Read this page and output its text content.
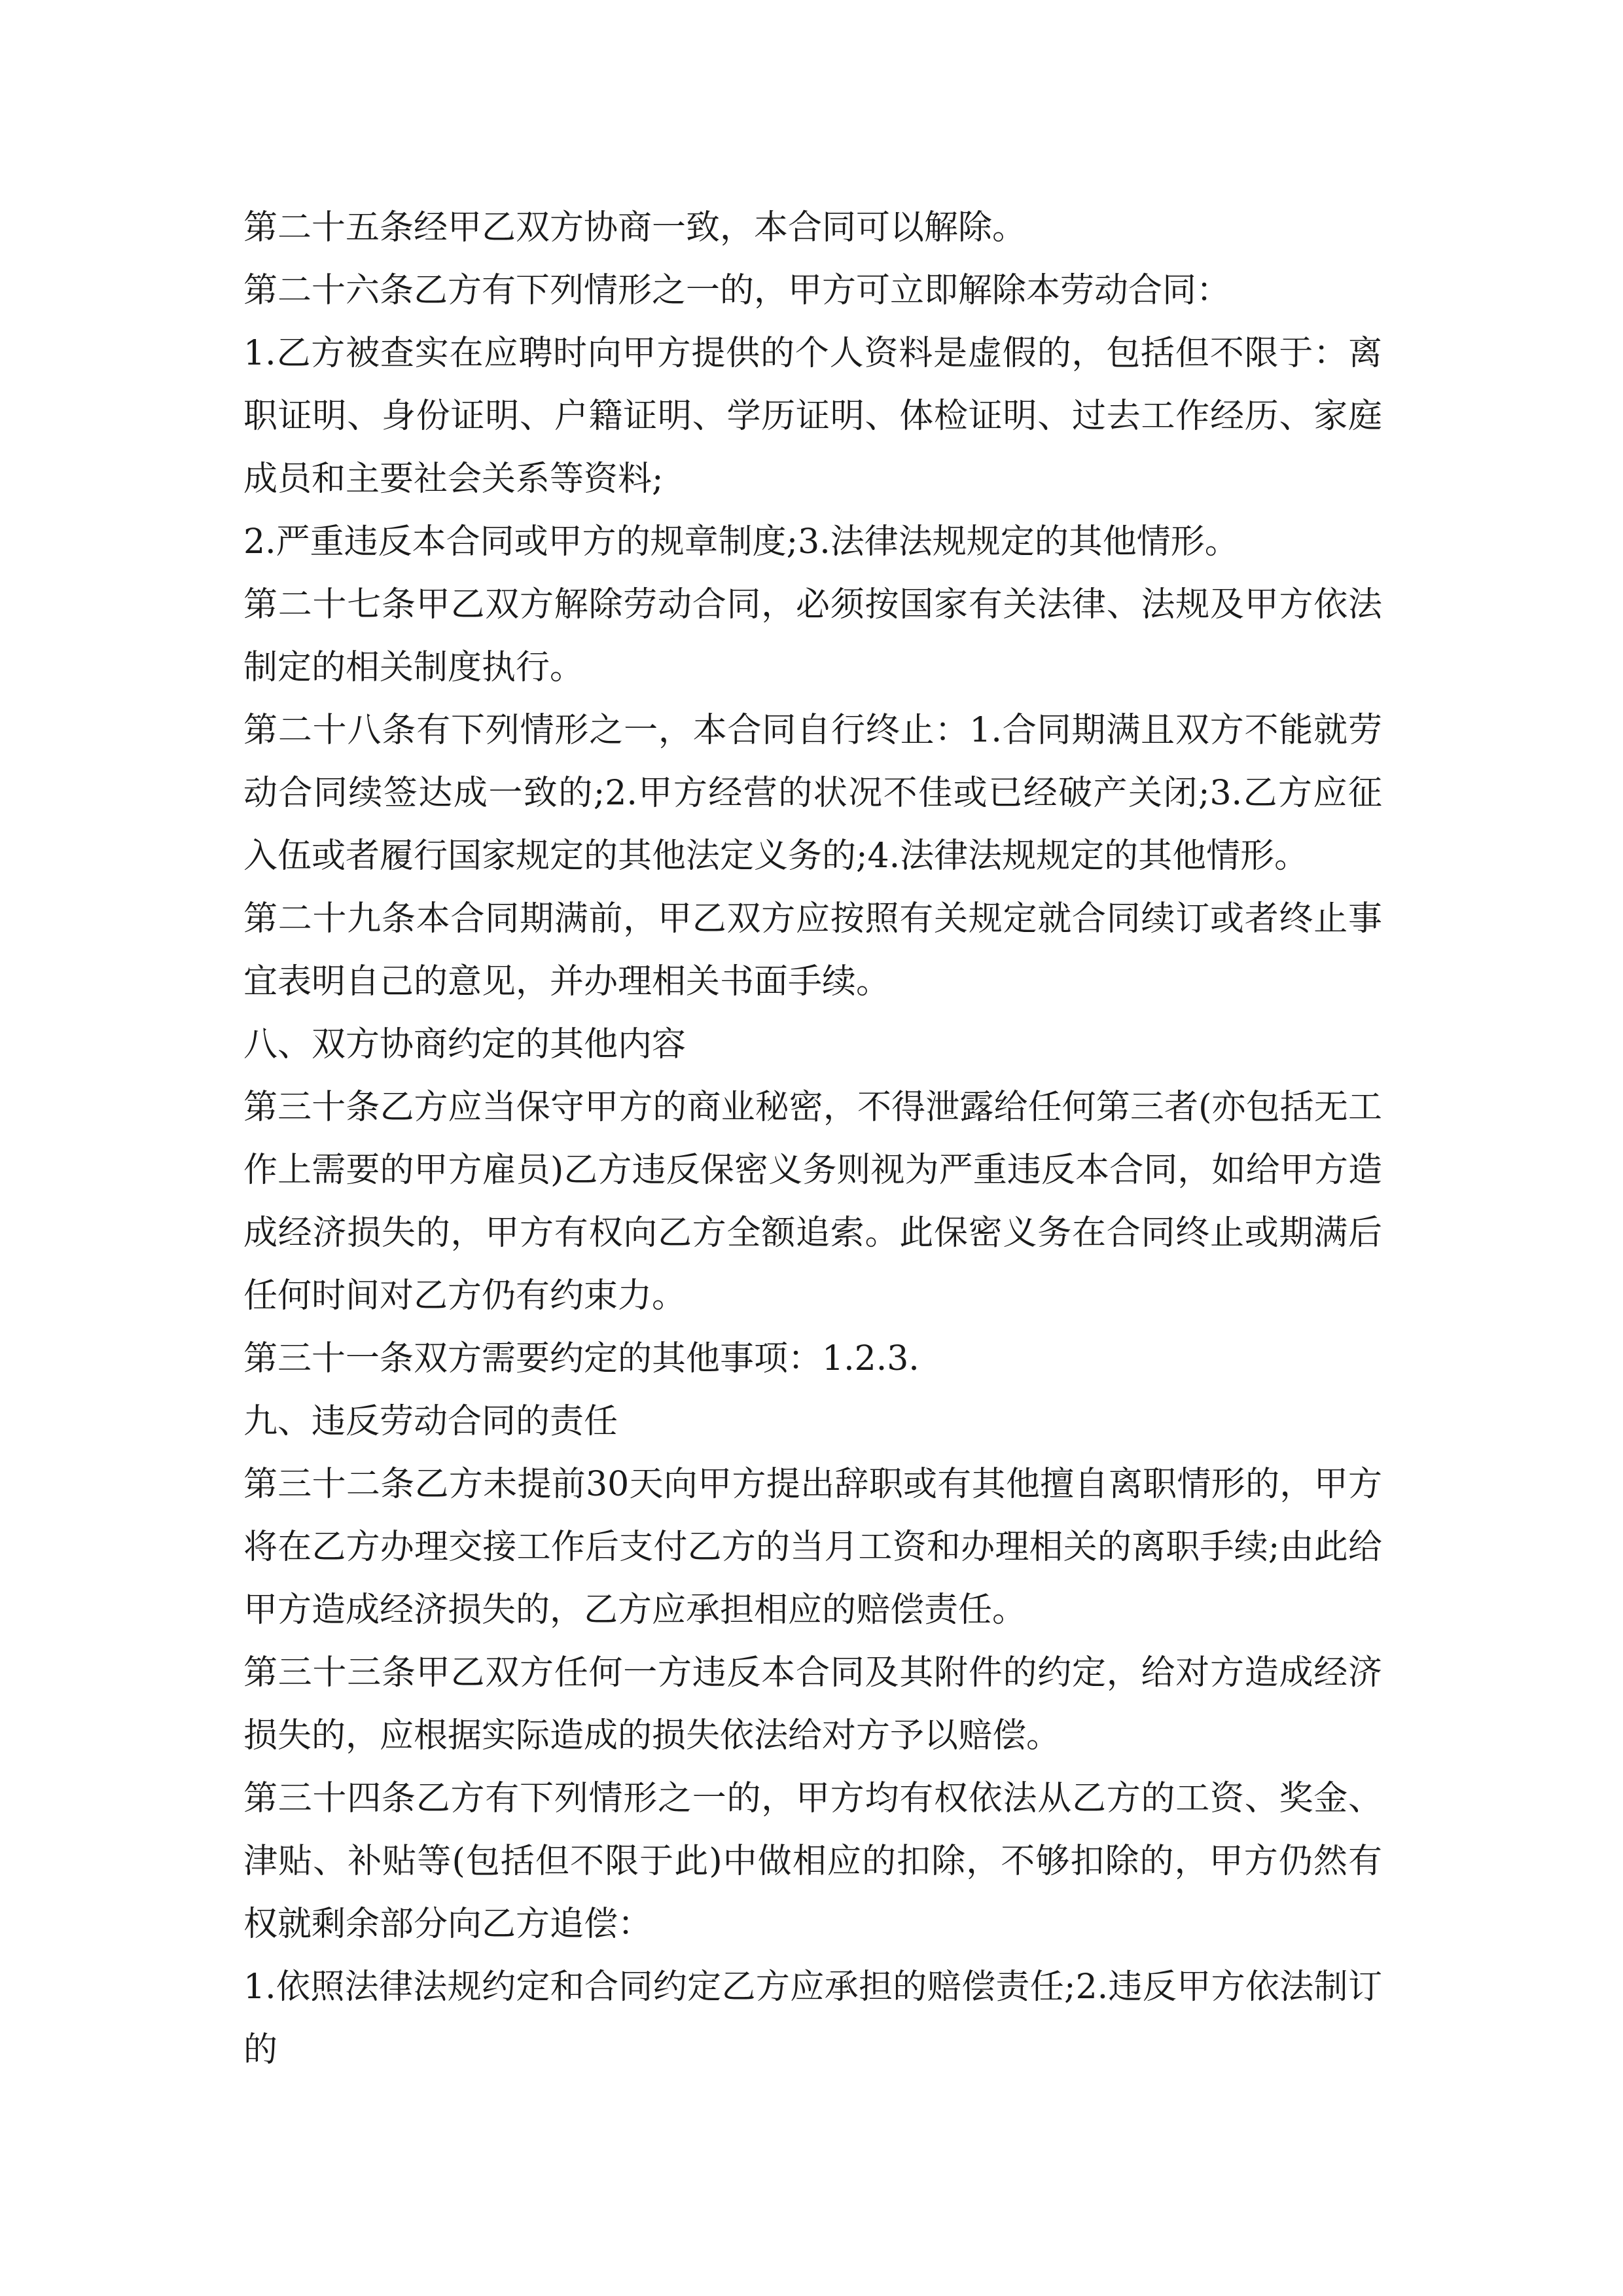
第二十五条经甲乙双方协商一致，本合同可以解除。

第二十六条乙方有下列情形之一的，甲方可立即解除本劳动合同：

1.乙方被查实在应聘时向甲方提供的个人资料是虚假的，包括但不限于：离职证明、身份证明、户籍证明、学历证明、体检证明、过去工作经历、家庭成员和主要社会关系等资料;

2.严重违反本合同或甲方的规章制度;3.法律法规规定的其他情形。

第二十七条甲乙双方解除劳动合同，必须按国家有关法律、法规及甲方依法制定的相关制度执行。

第二十八条有下列情形之一，本合同自行终止：1.合同期满且双方不能就劳动合同续签达成一致的;2.甲方经营的状况不佳或已经破产关闭;3.乙方应征入伍或者履行国家规定的其他法定义务的;4.法律法规规定的其他情形。

第二十九条本合同期满前，甲乙双方应按照有关规定就合同续订或者终止事宜表明自己的意见，并办理相关书面手续。

八、双方协商约定的其他内容

第三十条乙方应当保守甲方的商业秘密，不得泄露给任何第三者(亦包括无工作上需要的甲方雇员)乙方违反保密义务则视为严重违反本合同，如给甲方造成经济损失的，甲方有权向乙方全额追索。此保密义务在合同终止或期满后任何时间对乙方仍有约束力。

第三十一条双方需要约定的其他事项：1.2.3.

九、违反劳动合同的责任

第三十二条乙方未提前30天向甲方提出辞职或有其他擅自离职情形的，甲方将在乙方办理交接工作后支付乙方的当月工资和办理相关的离职手续;由此给甲方造成经济损失的，乙方应承担相应的赔偿责任。

第三十三条甲乙双方任何一方违反本合同及其附件的约定，给对方造成经济损失的，应根据实际造成的损失依法给对方予以赔偿。

第三十四条乙方有下列情形之一的，甲方均有权依法从乙方的工资、奖金、津贴、补贴等(包括但不限于此)中做相应的扣除，不够扣除的，甲方仍然有权就剩余部分向乙方追偿：

1.依照法律法规约定和合同约定乙方应承担的赔偿责任;2.违反甲方依法制订的
